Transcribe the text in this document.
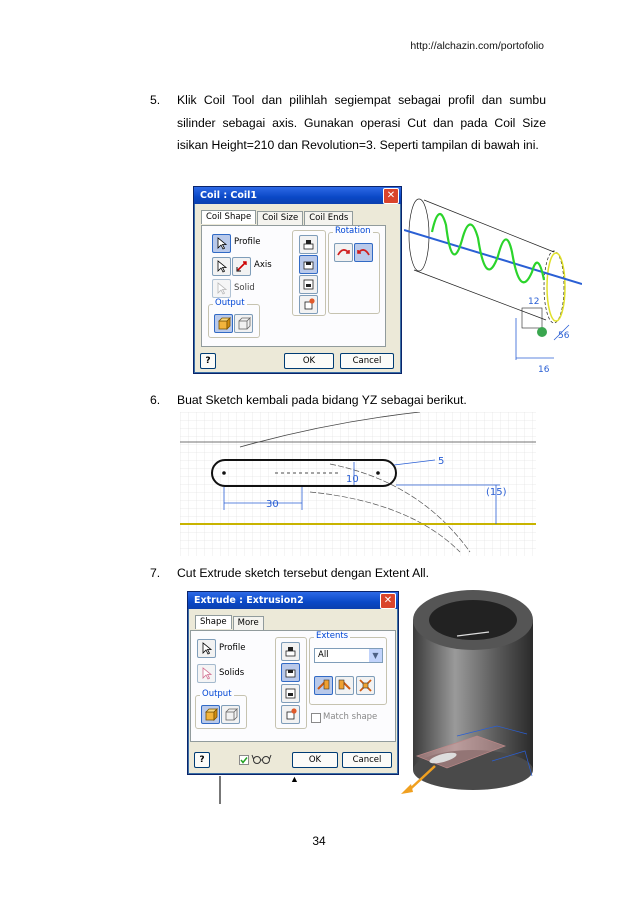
http://alchazin.com/portofolio
5.	Klik Coil Tool dan pilihlah segiempat sebagai profil dan sumbu silinder sebagai axis. Gunakan operasi Cut dan pada Coil Size isikan Height=210 dan Revolution=3. Seperti tampilan di bawah ini.
Coil : Coil1	✕
Coil Shape	Coil Size	Coil Ends
Profile
Axis
Solid
Output
Rotation
?	OK	Cancel
12
56
16
6.	Buat Sketch kembali pada bidang YZ sebagai berikut.
30
10
5
(15)
7.	Cut Extrude sketch tersebut dengan Extent All.
Extrude : Extrusion2	✕
Shape	More
Profile
Solids
Output
Extents
All	▼
Match shape
?	OK	Cancel
▲
34
